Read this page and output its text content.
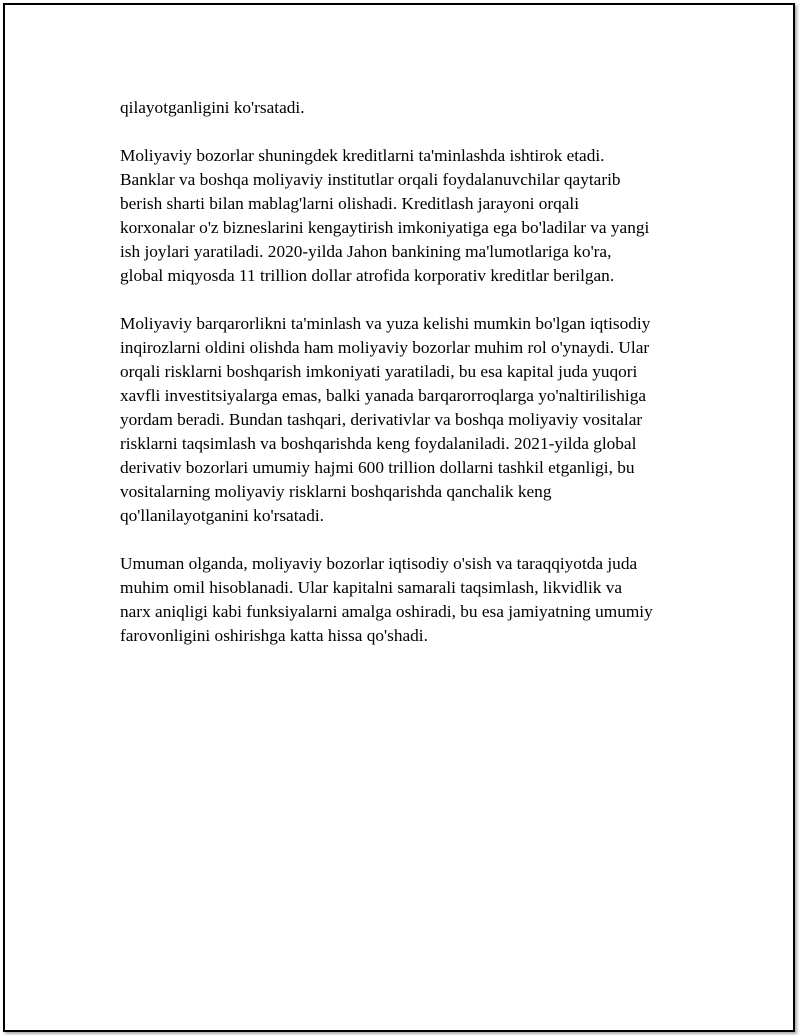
qilayotganligini ko'rsatadi.

Moliyaviy bozorlar shuningdek kreditlarni ta'minlashda ishtirok etadi.
Banklar va boshqa moliyaviy institutlar orqali foydalanuvchilar qaytarib
berish sharti bilan mablag'larni olishadi. Kreditlash jarayoni orqali
korxonalar o'z bizneslarini kengaytirish imkoniyatiga ega bo'ladilar va yangi
ish joylari yaratiladi. 2020-yilda Jahon bankining ma'lumotlariga ko'ra,
global miqyosda 11 trillion dollar atrofida korporativ kreditlar berilgan.

Moliyaviy barqarorlikni ta'minlash va yuza kelishi mumkin bo'lgan iqtisodiy
inqirozlarni oldini olishda ham moliyaviy bozorlar muhim rol o'ynaydi. Ular
orqali risklarni boshqarish imkoniyati yaratiladi, bu esa kapital juda yuqori
xavfli investitsiyalarga emas, balki yanada barqarorroqlarga yo'naltirilishiga
yordam beradi. Bundan tashqari, derivativlar va boshqa moliyaviy vositalar
risklarni taqsimlash va boshqarishda keng foydalaniladi. 2021-yilda global
derivativ bozorlari umumiy hajmi 600 trillion dollarni tashkil etganligi, bu
vositalarning moliyaviy risklarni boshqarishda qanchalik keng
qo'llanilayotganini ko'rsatadi.

Umuman olganda, moliyaviy bozorlar iqtisodiy o'sish va taraqqiyotda juda
muhim omil hisoblanadi. Ular kapitalni samarali taqsimlash, likvidlik va
narx aniqligi kabi funksiyalarni amalga oshiradi, bu esa jamiyatning umumiy
farovonligini oshirishga katta hissa qo'shadi.
